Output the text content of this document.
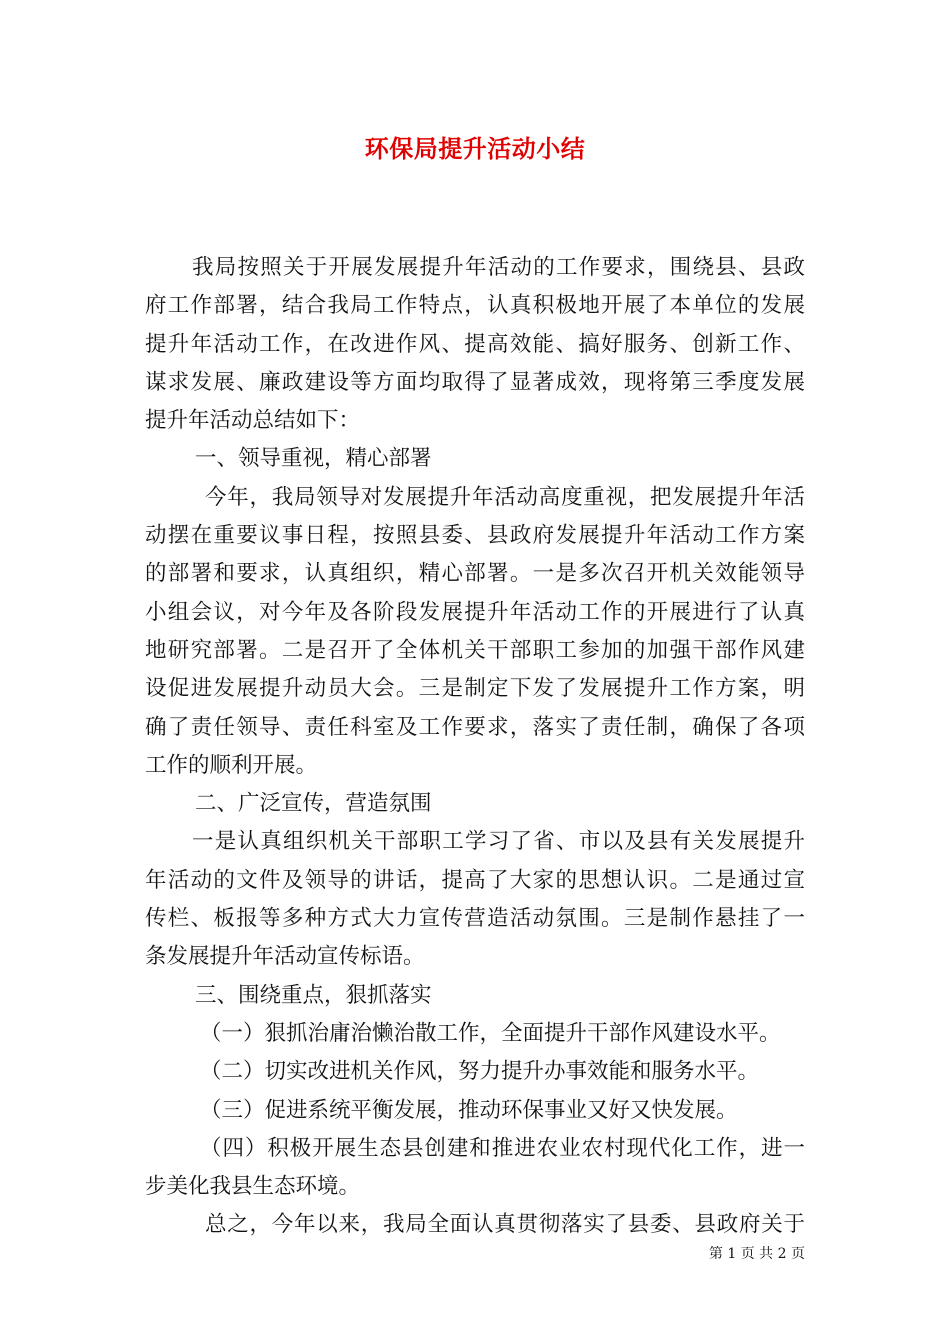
环保局提升活动小结
我局按照关于开展发展提升年活动的工作要求，围绕县、县政
府工作部署，结合我局工作特点，认真积极地开展了本单位的发展
提升年活动工作，在改进作风、提高效能、搞好服务、创新工作、
谋求发展、廉政建设等方面均取得了显著成效，现将第三季度发展
提升年活动总结如下：
一、领导重视，精心部署
今年，我局领导对发展提升年活动高度重视，把发展提升年活
动摆在重要议事日程，按照县委、县政府发展提升年活动工作方案
的部署和要求，认真组织，精心部署。一是多次召开机关效能领导
小组会议，对今年及各阶段发展提升年活动工作的开展进行了认真
地研究部署。二是召开了全体机关干部职工参加的加强干部作风建
设促进发展提升动员大会。三是制定下发了发展提升工作方案，明
确了责任领导、责任科室及工作要求，落实了责任制，确保了各项
工作的顺利开展。
二、广泛宣传，营造氛围
一是认真组织机关干部职工学习了省、市以及县有关发展提升
年活动的文件及领导的讲话，提高了大家的思想认识。二是通过宣
传栏、板报等多种方式大力宣传营造活动氛围。三是制作悬挂了一
条发展提升年活动宣传标语。
三、围绕重点，狠抓落实
（一）狠抓治庸治懒治散工作，全面提升干部作风建设水平。
（二）切实改进机关作风，努力提升办事效能和服务水平。
（三）促进系统平衡发展，推动环保事业又好又快发展。
（四）积极开展生态县创建和推进农业农村现代化工作，进一
步美化我县生态环境。
总之，今年以来，我局全面认真贯彻落实了县委、县政府关于
第 1 页 共 2 页
